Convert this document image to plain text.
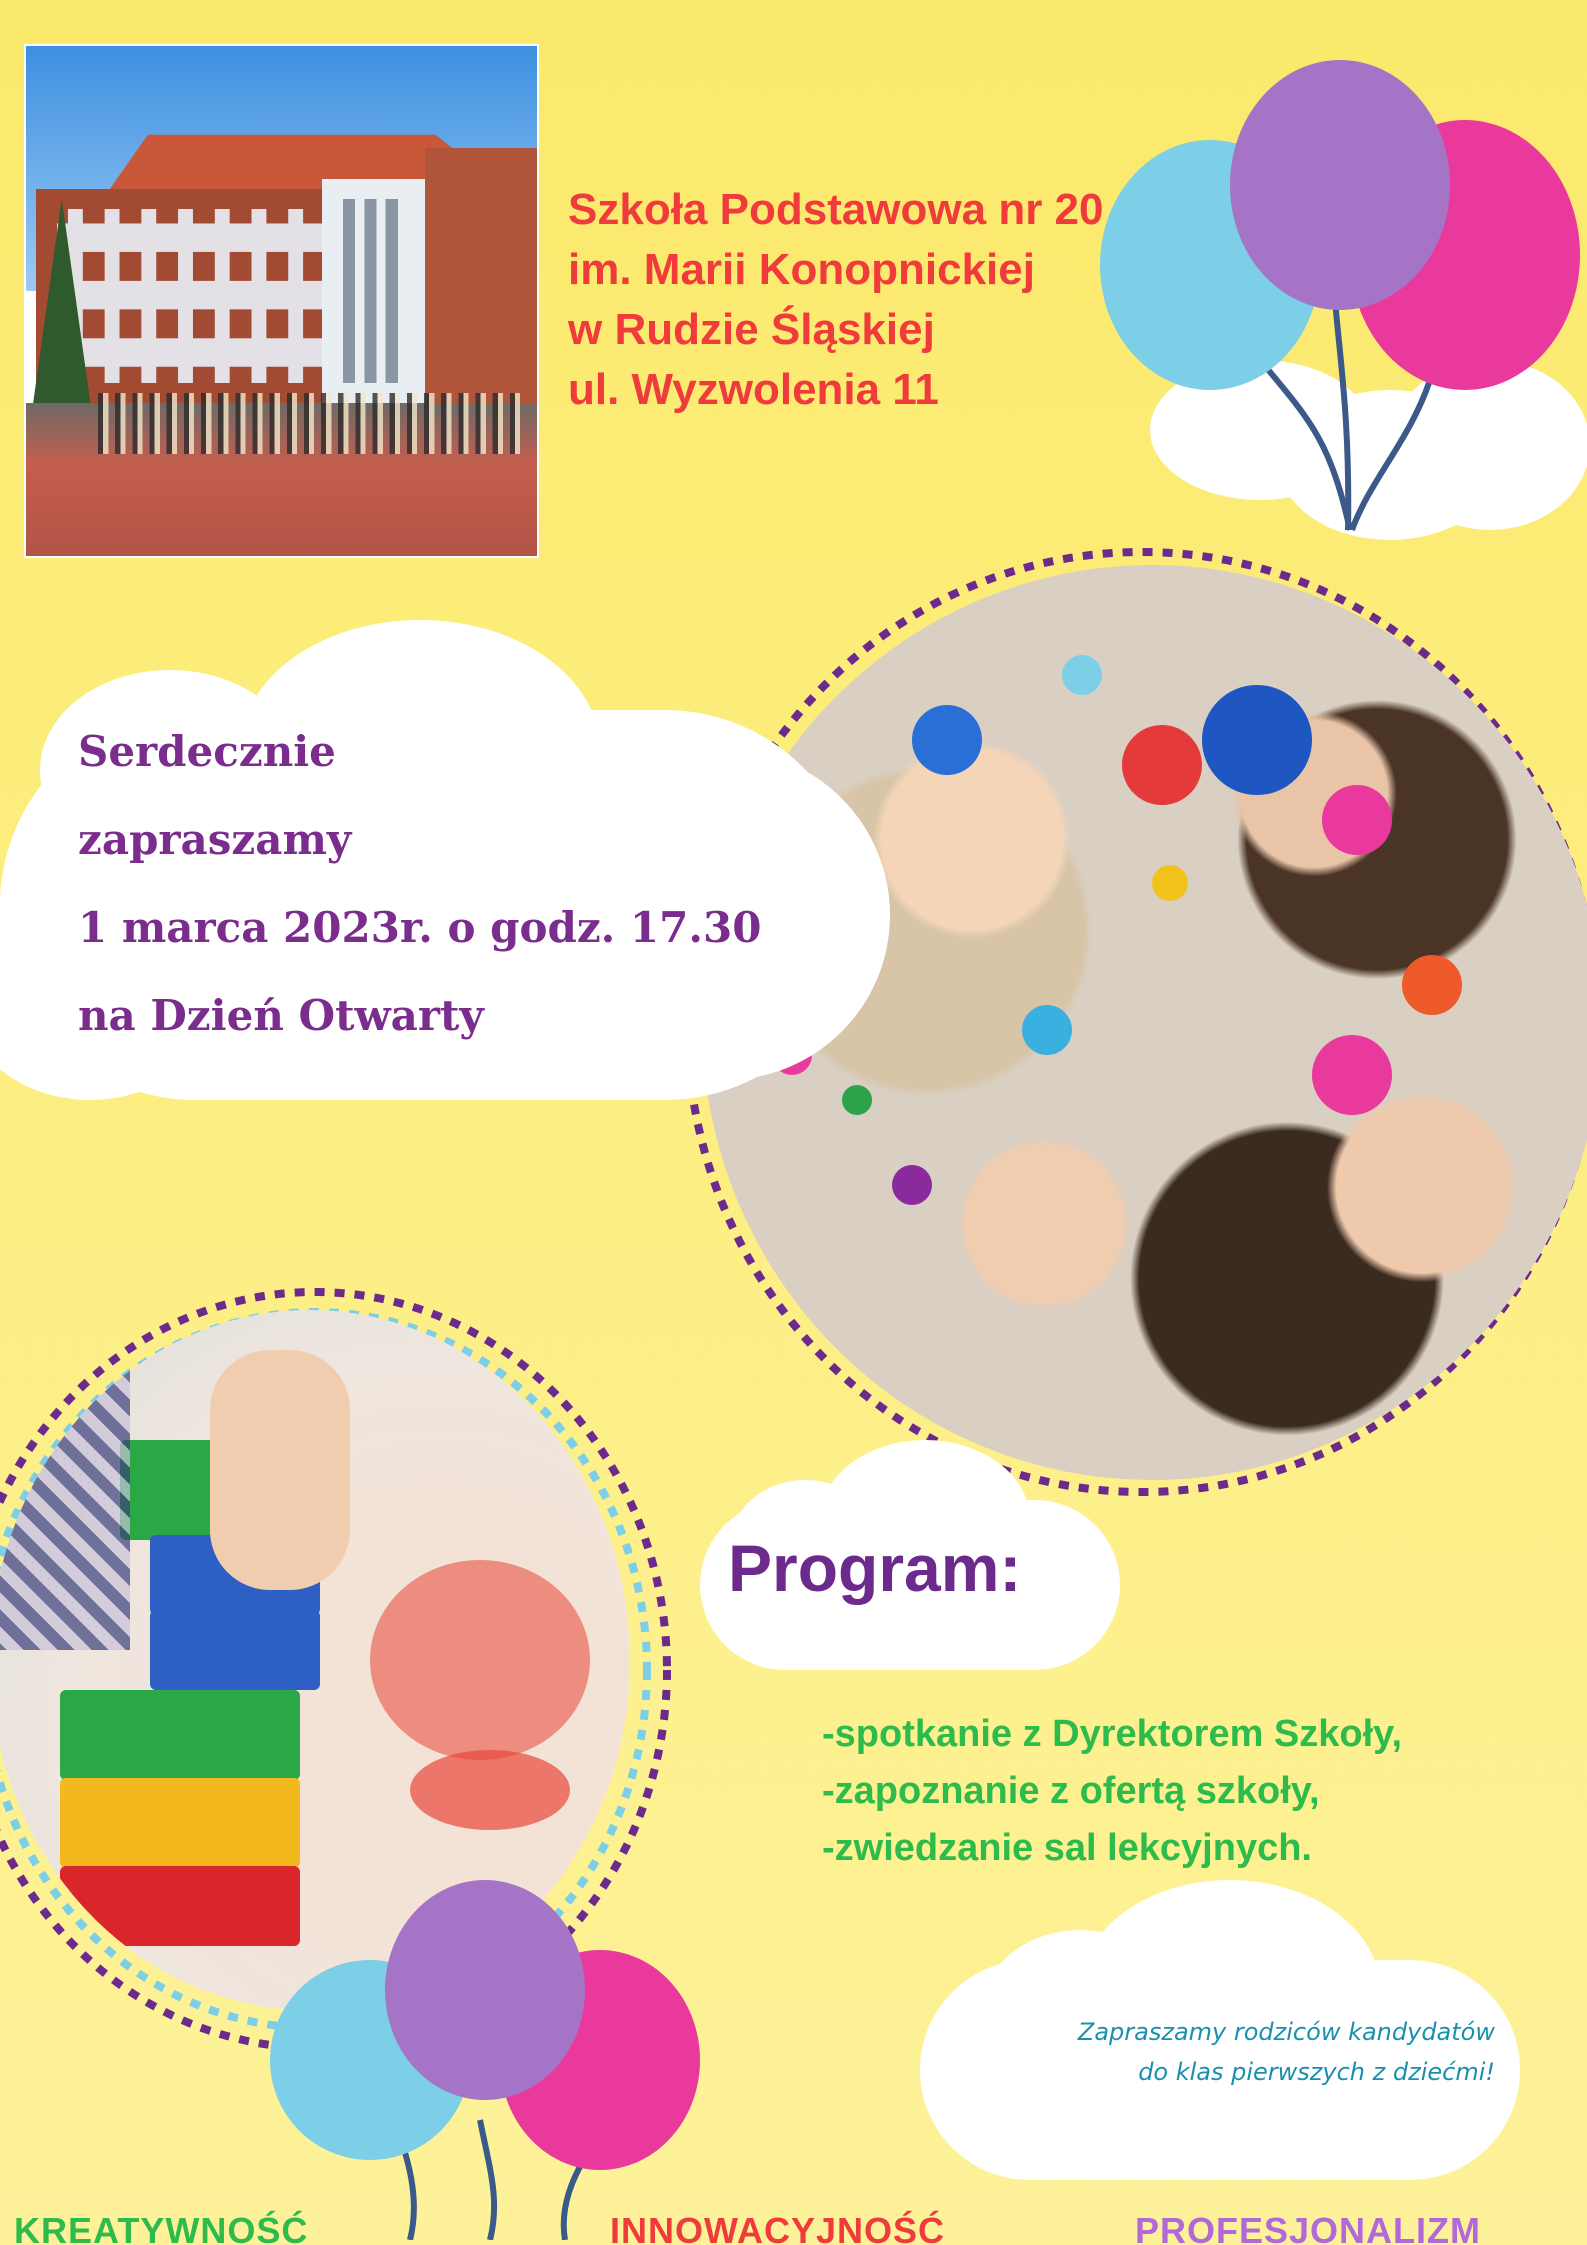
Szkoła Podstawowa nr 20
im. Marii Konopnickiej
w Rudzie Śląskiej
ul. Wyzwolenia 11
Serdecznie
zapraszamy
1 marca 2023r. o godz. 17.30
na Dzień Otwarty
Program:
-spotkanie z Dyrektorem Szkoły,
-zapoznanie z ofertą szkoły,
-zwiedzanie sal lekcyjnych.
Zapraszamy rodziców kandydatów
do klas pierwszych z dziećmi!
KREATYWNOŚĆ	INNOWACYJNOŚĆ	PROFESJONALIZM
